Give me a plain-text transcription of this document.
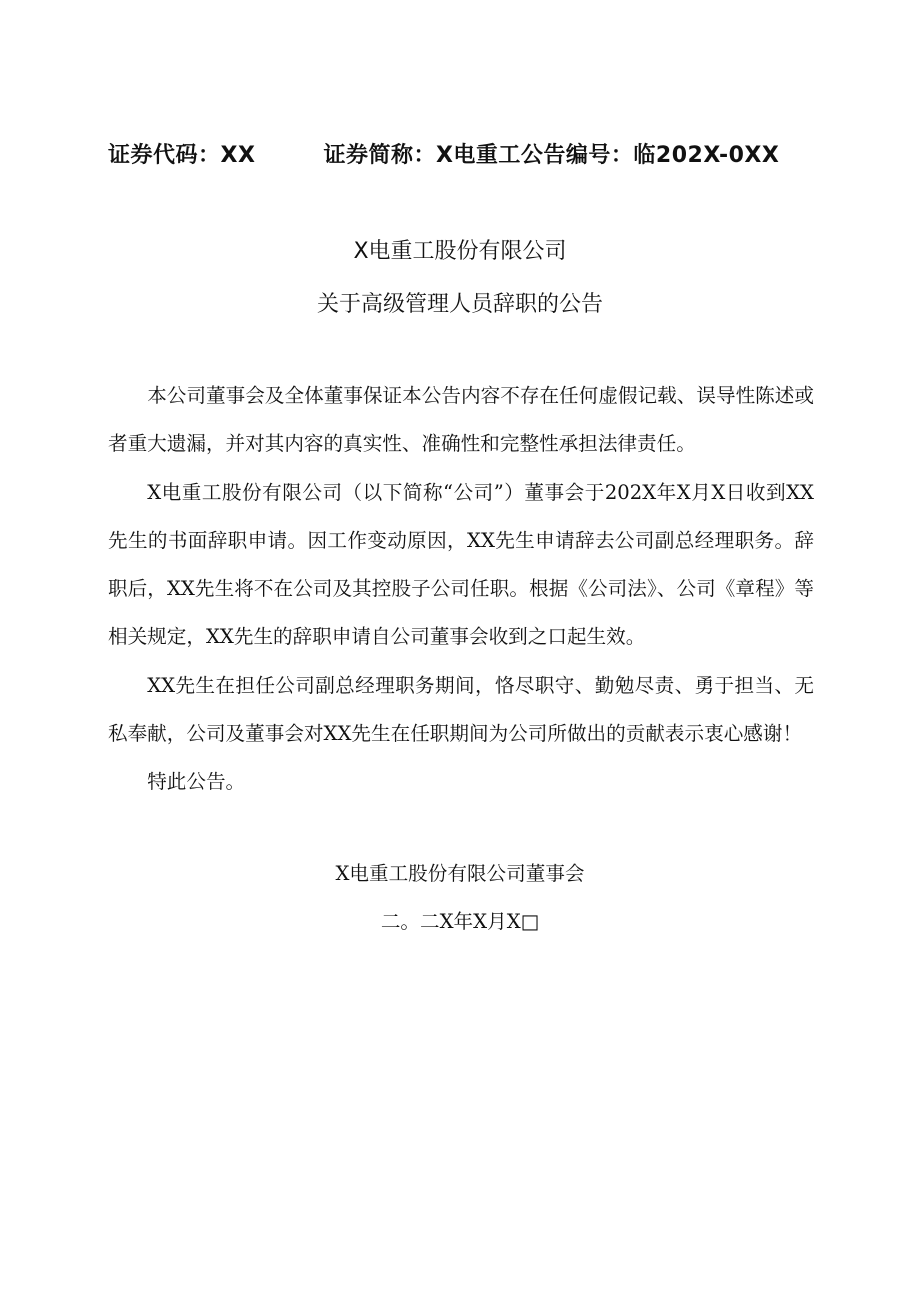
证券代码：XX	证券简称：X电重工公告编号：临202X-0XX
X电重工股份有限公司
关于高级管理人员辞职的公告

本公司董事会及全体董事保证本公告内容不存在任何虚假记载、误导性陈述或者重大遗漏，并对其内容的真实性、准确性和完整性承担法律责任。

X电重工股份有限公司（以下简称“公司”）董事会于202X年X月X日收到XX先生的书面辞职申请。因工作变动原因，XX先生申请辞去公司副总经理职务。辞职后，XX先生将不在公司及其控股子公司任职。根据《公司法》、公司《章程》等相关规定，XX先生的辞职申请自公司董事会收到之口起生效。

XX先生在担任公司副总经理职务期间，恪尽职守、勤勉尽责、勇于担当、无私奉献，公司及董事会对XX先生在任职期间为公司所做出的贡献表示衷心感谢！

特此公告。

X电重工股份有限公司董事会
二。二X年X月X□
